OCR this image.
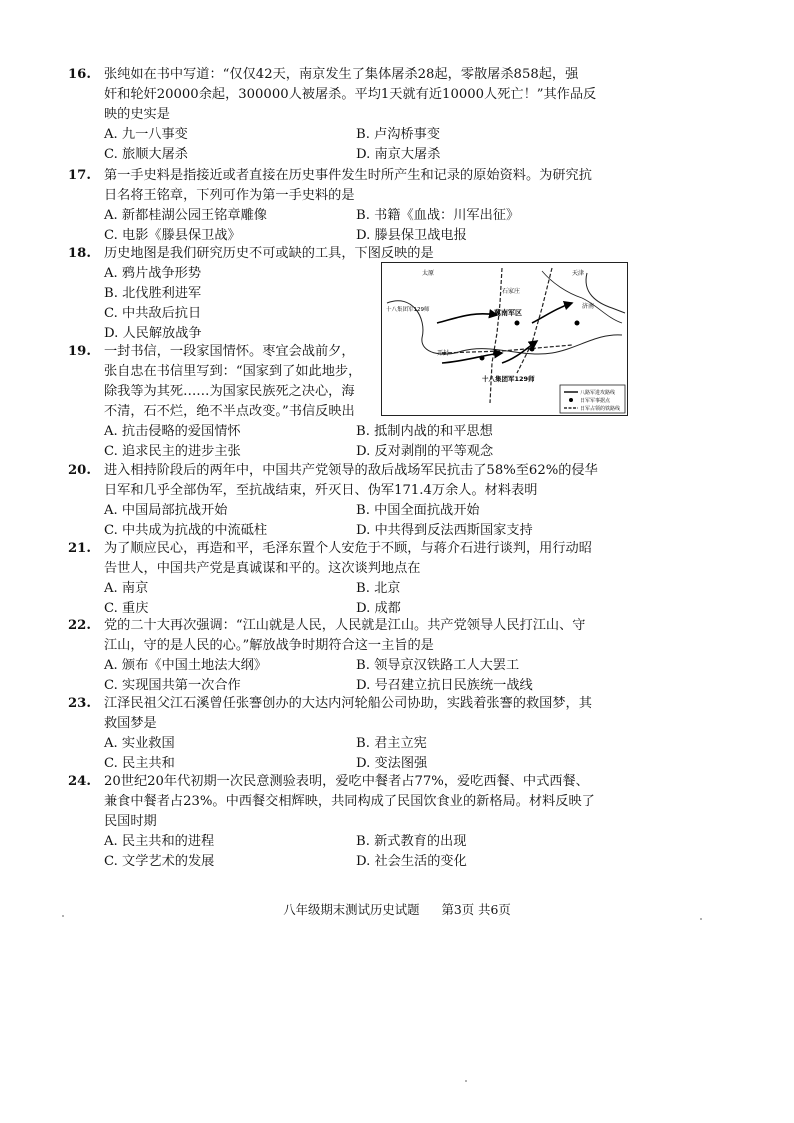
16. 张纯如在书中写道：“仅仅42天，南京发生了集体屠杀28起，零散屠杀858起，强
奸和轮奸20000余起，300000人被屠杀。平均1天就有近10000人死亡！”其作品反
映的史实是
A. 九一八事变	B. 卢沟桥事变
C. 旅顺大屠杀	D. 南京大屠杀
17. 第一手史料是指接近或者直接在历史事件发生时所产生和记录的原始资料。为研究抗
日名将王铭章，下列可作为第一手史料的是
A. 新都桂湖公园王铭章雕像	B. 书籍《血战：川军出征》
C. 电影《滕县保卫战》	D. 滕县保卫战电报
18. 历史地图是我们研究历史不可或缺的工具，下图反映的是
A. 鸦片战争形势
B. 北伐胜利进军
C. 中共敌后抗日
D. 人民解放战争
八路军进攻路线
日军军事据点
日军占领的铁路线
太原
石家庄
天津
十八集团军129师	冀南军区
济南
开封
十八集团军129师
19. 一封书信，一段家国情怀。枣宜会战前夕，
张自忠在书信里写到：“国家到了如此地步，
除我等为其死……为国家民族死之决心，海
不清，石不烂，绝不半点改变。”书信反映出
A. 抗击侵略的爱国情怀	B. 抵制内战的和平思想
C. 追求民主的进步主张	D. 反对剥削的平等观念
20. 进入相持阶段后的两年中，中国共产党领导的敌后战场军民抗击了58%至62%的侵华
日军和几乎全部伪军，至抗战结束，歼灭日、伪军171.4万余人。材料表明
A. 中国局部抗战开始	B. 中国全面抗战开始
C. 中共成为抗战的中流砥柱	D. 中共得到反法西斯国家支持
21. 为了顺应民心，再造和平，毛泽东置个人安危于不顾，与蒋介石进行谈判，用行动昭
告世人，中国共产党是真诚谋和平的。这次谈判地点在
A. 南京	B. 北京
C. 重庆	D. 成都
22. 党的二十大再次强调：“江山就是人民，人民就是江山。共产党领导人民打江山、守
江山，守的是人民的心。”解放战争时期符合这一主旨的是
A. 颁布《中国土地法大纲》	B. 领导京汉铁路工人大罢工
C. 实现国共第一次合作	D. 号召建立抗日民族统一战线
23. 江泽民祖父江石溪曾任张謇创办的大达内河轮船公司协助，实践着张謇的救国梦，其
救国梦是
A. 实业救国	B. 君主立宪
C. 民主共和	D. 变法图强
24. 20世纪20年代初期一次民意测验表明，爱吃中餐者占77%，爱吃西餐、中式西餐、
兼食中餐者占23%。中西餐交相辉映，共同构成了民国饮食业的新格局。材料反映了
民国时期
A. 民主共和的进程	B. 新式教育的出现
C. 文学艺术的发展	D. 社会生活的变化
八年级期末测试历史试题 第3页 共6页
